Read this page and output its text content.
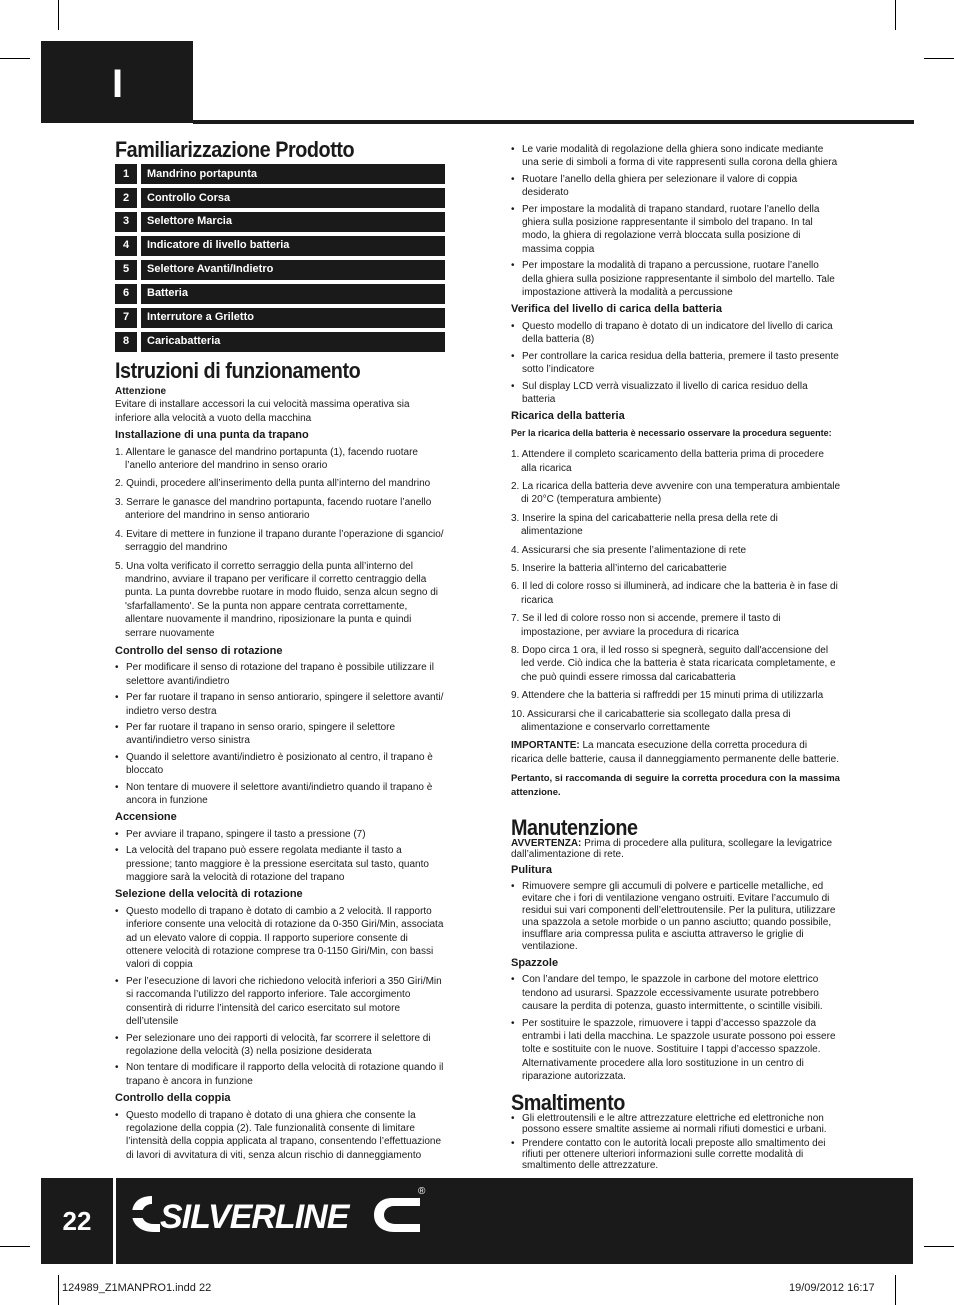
I
Familiarizzazione Prodotto
1	Mandrino portapunta
2	Controllo Corsa
3	Selettore Marcia
4	Indicatore di livello batteria
5	Selettore Avanti/Indietro
6	Batteria
7	Interrutore a Griletto
8	Caricabatteria
Istruzioni di funzionamento

Attenzione

Evitare di installare accessori la cui velocità massima operativa sia inferiore alla velocità a vuoto della macchina

Installazione di una punta da trapano
1. Allentare le ganasce del mandrino portapunta (1), facendo ruotare l’anello anteriore del mandrino in senso orario
2. Quindi, procedere all’inserimento della punta all’interno del mandrino
3. Serrare le ganasce del mandrino portapunta, facendo ruotare l’anello anteriore del mandrino in senso antiorario
4. Evitare di mettere in funzione il trapano durante l’operazione di sgancio/ serraggio del mandrino
5. Una volta verificato il corretto serraggio della punta all’interno del mandrino, avviare il trapano per verificare il corretto centraggio della punta. La punta dovrebbe ruotare in modo fluido, senza alcun segno di 'sfarfallamento'. Se la punta non appare centrata correttamente, allentare nuovamente il mandrino, riposizionare la punta e quindi serrare nuovamente
Controllo del senso di rotazione
• Per modificare il senso di rotazione del trapano è possibile utilizzare il selettore avanti/indietro
• Per far ruotare il trapano in senso antiorario, spingere il selettore avanti/ indietro verso destra
• Per far ruotare il trapano in senso orario, spingere il selettore avanti/indietro verso sinistra
• Quando il selettore avanti/indietro è posizionato al centro, il trapano è bloccato
• Non tentare di muovere il selettore avanti/indietro quando il trapano è ancora in funzione
Accensione
• Per avviare il trapano, spingere il tasto a pressione (7)
• La velocità del trapano può essere regolata mediante il tasto a pressione; tanto maggiore è la pressione esercitata sul tasto, quanto maggiore sarà la velocità di rotazione del trapano
Selezione della velocità di rotazione
• Questo modello di trapano è dotato di cambio a 2 velocità. Il rapporto inferiore consente una velocità di rotazione da 0-350 Giri/Min, associata ad un elevato valore di coppia. Il rapporto superiore consente di ottenere velocità di rotazione comprese tra 0-1150 Giri/Min, con bassi valori di coppia
• Per l’esecuzione di lavori che richiedono velocità inferiori a 350 Giri/Min si raccomanda l’utilizzo del rapporto inferiore. Tale accorgimento consentirà di ridurre l’intensità del carico esercitato sul motore dell’utensile
• Per selezionare uno dei rapporti di velocità, far scorrere il selettore di regolazione della velocità (3) nella posizione desiderata
• Non tentare di modificare il rapporto della velocità di rotazione quando il trapano è ancora in funzione
Controllo della coppia
• Questo modello di trapano è dotato di una ghiera che consente la regolazione della coppia (2). Tale funzionalità consente di limitare l’intensità della coppia applicata al trapano, consentendo l’effettuazione di lavori di avvitatura di viti, senza alcun rischio di danneggiamento
• Le varie modalità di regolazione della ghiera sono indicate mediante una serie di simboli a forma di vite rappresenti sulla corona della ghiera
• Ruotare l’anello della ghiera per selezionare il valore di coppia desiderato
• Per impostare la modalità di trapano standard, ruotare l’anello della ghiera sulla posizione rappresentante il simbolo del trapano. In tal modo, la ghiera di regolazione verrà bloccata sulla posizione di massima coppia
• Per impostare la modalità di trapano a percussione, ruotare l’anello della ghiera sulla posizione rappresentante il simbolo del martello. Tale impostazione attiverà la modalità a percussione
Verifica del livello di carica della batteria
• Questo modello di trapano è dotato di un indicatore del livello di carica della batteria (8)
• Per controllare la carica residua della batteria, premere il tasto presente sotto l’indicatore
• Sul display LCD verrà visualizzato il livello di carica residuo della batteria
Ricarica della batteria

Per la ricarica della batteria è necessario osservare la procedura seguente:

1. Attendere il completo scaricamento della batteria prima di procedere alla ricarica
2. La ricarica della batteria deve avvenire con una temperatura ambientale di 20°C (temperatura ambiente)
3. Inserire la spina del caricabatterie nella presa della rete di alimentazione
4. Assicurarsi che sia presente l’alimentazione di rete
5. Inserire la batteria all’interno del caricabatterie
6. Il led di colore rosso si illuminerà, ad indicare che la batteria è in fase di ricarica
7. Se il led di colore rosso non si accende, premere il tasto di impostazione, per avviare la procedura di ricarica
8. Dopo circa 1 ora, il led rosso si spegnerà, seguito dall'accensione del led verde. Ciò indica che la batteria è stata ricaricata completamente, e che può quindi essere rimossa dal caricabatteria
9. Attendere che la batteria si raffreddi per 15 minuti prima di utilizzarla
10. Assicurarsi che il caricabatterie sia scollegato dalla presa di alimentazione e conservarlo correttamente

IMPORTANTE: La mancata esecuzione della corretta procedura di ricarica delle batterie, causa il danneggiamento permanente delle batterie.

Pertanto, si raccomanda di seguire la corretta procedura con la massima attenzione.

Manutenzione

AVVERTENZA: Prima di procedere alla pulitura, scollegare la levigatrice dall’alimentazione di rete.

Pulitura
• Rimuovere sempre gli accumuli di polvere e particelle metalliche, ed evitare che i fori di ventilazione vengano ostruiti. Evitare l’accumulo di residui sui vari componenti dell’elettroutensile. Per la pulitura, utilizzare una spazzola a setole morbide o un panno asciutto; quando possibile, insufflare aria compressa pulita e asciutta attraverso le griglie di ventilazione.
Spazzole
• Con l’andare del tempo, le spazzole in carbone del motore elettrico tendono ad usurarsi. Spazzole eccessivamente usurate potrebbero causare la perdita di potenza, guasto intermittente, o scintille visibili.
• Per sostituire le spazzole, rimuovere i tappi d’accesso spazzole da entrambi i lati della macchina. Le spazzole usurate possono poi essere tolte e sostituite con le nuove. Sostituire I tappi d’accesso spazzole. Alternativamente procedere alla loro sostituzione in un centro di riparazione autorizzata.
Smaltimento
• Gli elettroutensili e le altre attrezzature elettriche ed elettroniche non possono essere smaltite assieme ai normali rifiuti domestici e urbani.
• Prendere contatto con le autorità locali preposte allo smaltimento dei rifiuti per ottenere ulteriori informazioni sulle corrette modalità di smaltimento delle attrezzature.
22	SILVERLINE
®
124989_Z1MANPRO1.indd 22	19/09/2012 16:17
